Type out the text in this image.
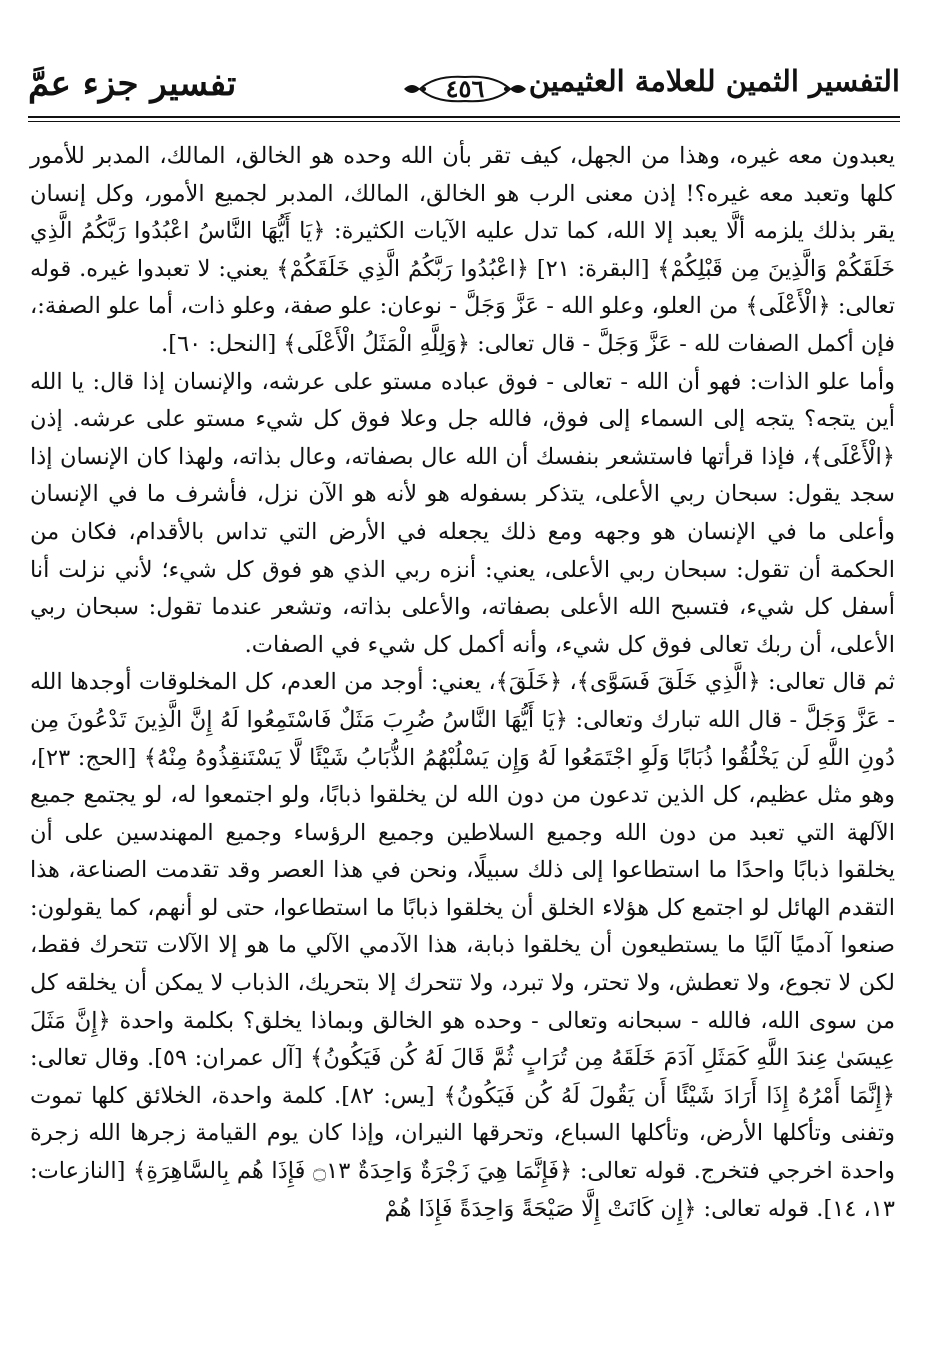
التفسير الثمين للعلامة العثيمين
٤٥٦
تفسير جزء عمَّ

يعبدون معه غيره، وهذا من الجهل، كيف تقر بأن الله وحده هو الخالق، المالك، المدبر للأمور كلها وتعبد معه غيره؟! إذن معنى الرب هو الخالق، المالك، المدبر لجميع الأمور، وكل إنسان يقر بذلك يلزمه ألَّا يعبد إلا الله، كما تدل عليه الآيات الكثيرة: ﴿يَا أَيُّهَا النَّاسُ اعْبُدُوا رَبَّكُمُ الَّذِي خَلَقَكُمْ وَالَّذِينَ مِن قَبْلِكُمْ﴾ [البقرة: ٢١] ﴿اعْبُدُوا رَبَّكُمُ الَّذِي خَلَقَكُمْ﴾ يعني: لا تعبدوا غيره. قوله تعالى: ﴿الْأَعْلَى﴾ من العلو، وعلو الله - عَزَّ وَجَلَّ - نوعان: علو صفة، وعلو ذات، أما علو الصفة:، فإن أكمل الصفات لله - عَزَّ وَجَلَّ - قال تعالى: ﴿وَلِلَّهِ الْمَثَلُ الْأَعْلَى﴾ [النحل: ٦٠].

وأما علو الذات: فهو أن الله - تعالى - فوق عباده مستو على عرشه، والإنسان إذا قال: يا الله أين يتجه؟ يتجه إلى السماء إلى فوق، فالله جل وعلا فوق كل شيء مستو على عرشه. إذن ﴿الْأَعْلَى﴾، فإذا قرأتها فاستشعر بنفسك أن الله عال بصفاته، وعال بذاته، ولهذا كان الإنسان إذا سجد يقول: سبحان ربي الأعلى، يتذكر بسفوله هو لأنه هو الآن نزل، فأشرف ما في الإنسان وأعلى ما في الإنسان هو وجهه ومع ذلك يجعله في الأرض التي تداس بالأقدام، فكان من الحكمة أن تقول: سبحان ربي الأعلى، يعني: أنزه ربي الذي هو فوق كل شيء؛ لأني نزلت أنا أسفل كل شيء، فتسبح الله الأعلى بصفاته، والأعلى بذاته، وتشعر عندما تقول: سبحان ربي الأعلى، أن ربك تعالى فوق كل شيء، وأنه أكمل كل شيء في الصفات.

ثم قال تعالى: ﴿الَّذِي خَلَقَ فَسَوَّى﴾، ﴿خَلَقَ﴾، يعني: أوجد من العدم، كل المخلوقات أوجدها الله - عَزَّ وَجَلَّ - قال الله تبارك وتعالى: ﴿يَا أَيُّهَا النَّاسُ ضُرِبَ مَثَلٌ فَاسْتَمِعُوا لَهُ إِنَّ الَّذِينَ تَدْعُونَ مِن دُونِ اللَّهِ لَن يَخْلُقُوا ذُبَابًا وَلَوِ اجْتَمَعُوا لَهُ وَإِن يَسْلُبْهُمُ الذُّبَابُ شَيْئًا لَّا يَسْتَنقِذُوهُ مِنْهُ﴾ [الحج: ٢٣]، وهو مثل عظيم، كل الذين تدعون من دون الله لن يخلقوا ذبابًا، ولو اجتمعوا له، لو يجتمع جميع الآلهة التي تعبد من دون الله وجميع السلاطين وجميع الرؤساء وجميع المهندسين على أن يخلقوا ذبابًا واحدًا ما استطاعوا إلى ذلك سبيلًا، ونحن في هذا العصر وقد تقدمت الصناعة، هذا التقدم الهائل لو اجتمع كل هؤلاء الخلق أن يخلقوا ذبابًا ما استطاعوا، حتى لو أنهم، كما يقولون: صنعوا آدميًا آليًا ما يستطيعون أن يخلقوا ذبابة، هذا الآدمي الآلي ما هو إلا الآلات تتحرك فقط، لكن لا تجوع، ولا تعطش، ولا تحتر، ولا تبرد، ولا تتحرك إلا بتحريك، الذباب لا يمكن أن يخلقه كل من سوى الله، فالله - سبحانه وتعالى - وحده هو الخالق وبماذا يخلق؟ بكلمة واحدة ﴿إِنَّ مَثَلَ عِيسَىٰ عِندَ اللَّهِ كَمَثَلِ آدَمَ خَلَقَهُ مِن تُرَابٍ ثُمَّ قَالَ لَهُ كُن فَيَكُونُ﴾ [آل عمران: ٥٩]. وقال تعالى: ﴿إِنَّمَا أَمْرُهُ إِذَا أَرَادَ شَيْئًا أَن يَقُولَ لَهُ كُن فَيَكُونُ﴾ [يس: ٨٢]. كلمة واحدة، الخلائق كلها تموت وتفنى وتأكلها الأرض، وتأكلها السباع، وتحرقها النيران، وإذا كان يوم القيامة زجرها الله زجرة واحدة اخرجي فتخرج. قوله تعالى: ﴿فَإِنَّمَا هِيَ زَجْرَةٌ وَاحِدَةٌ ۝١٣ فَإِذَا هُم بِالسَّاهِرَةِ﴾ [النازعات: ١٣، ١٤]. قوله تعالى: ﴿إِن كَانَتْ إِلَّا صَيْحَةً وَاحِدَةً فَإِذَا هُمْ
